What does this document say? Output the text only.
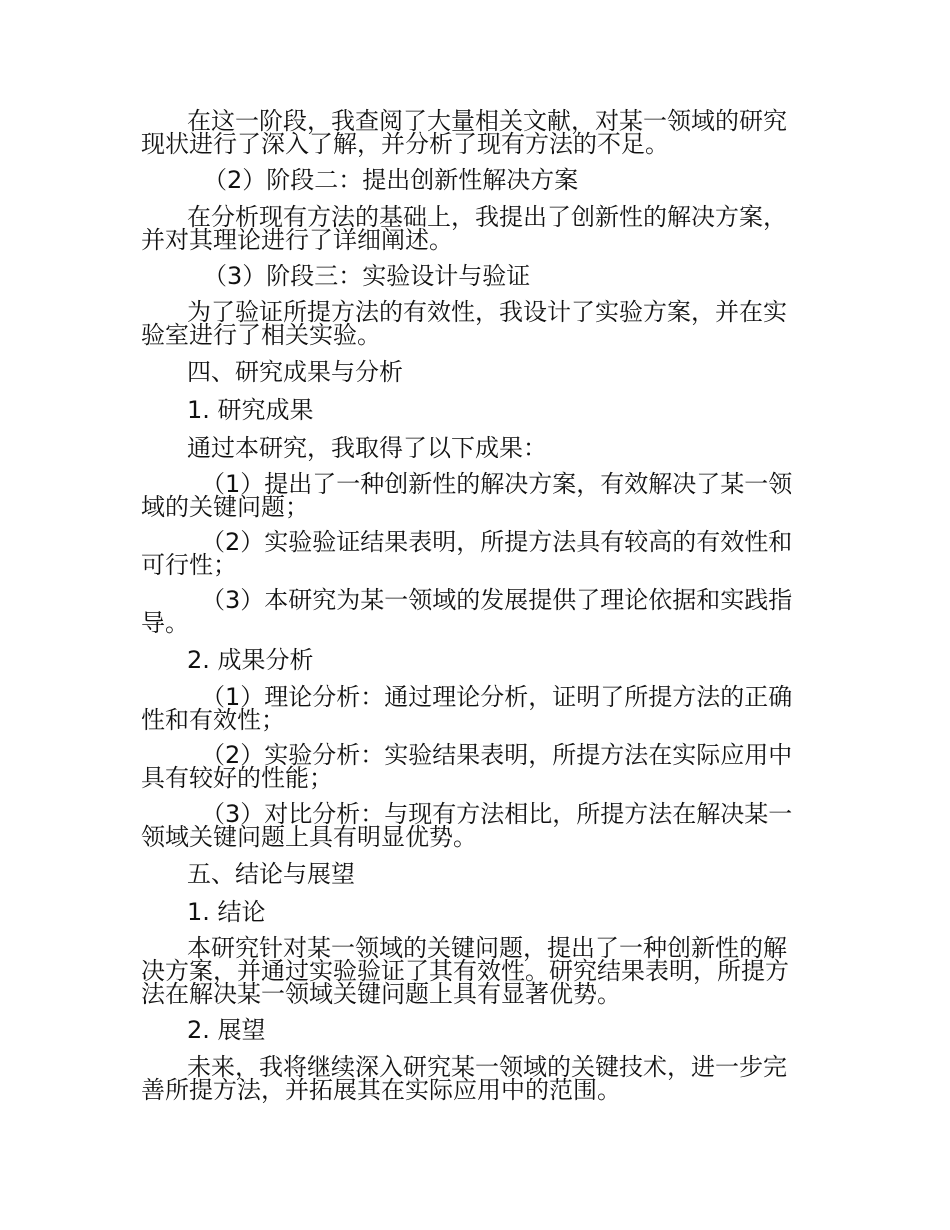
在这一阶段，我查阅了大量相关文献，对某一领域的研究
现状进行了深入了解，并分析了现有方法的不足。
（2）阶段二：提出创新性解决方案
在分析现有方法的基础上，我提出了创新性的解决方案，
并对其理论进行了详细阐述。
（3）阶段三：实验设计与验证
为了验证所提方法的有效性，我设计了实验方案，并在实
验室进行了相关实验。
四、研究成果与分析
1. 研究成果
通过本研究，我取得了以下成果：
（1）提出了一种创新性的解决方案，有效解决了某一领
域的关键问题；
（2）实验验证结果表明，所提方法具有较高的有效性和
可行性；
（3）本研究为某一领域的发展提供了理论依据和实践指
导。
2. 成果分析
（1）理论分析：通过理论分析，证明了所提方法的正确
性和有效性；
（2）实验分析：实验结果表明，所提方法在实际应用中
具有较好的性能；
（3）对比分析：与现有方法相比，所提方法在解决某一
领域关键问题上具有明显优势。
五、结论与展望
1. 结论
本研究针对某一领域的关键问题，提出了一种创新性的解
决方案，并通过实验验证了其有效性。研究结果表明，所提方
法在解决某一领域关键问题上具有显著优势。
2. 展望
未来，我将继续深入研究某一领域的关键技术，进一步完
善所提方法，并拓展其在实际应用中的范围。
